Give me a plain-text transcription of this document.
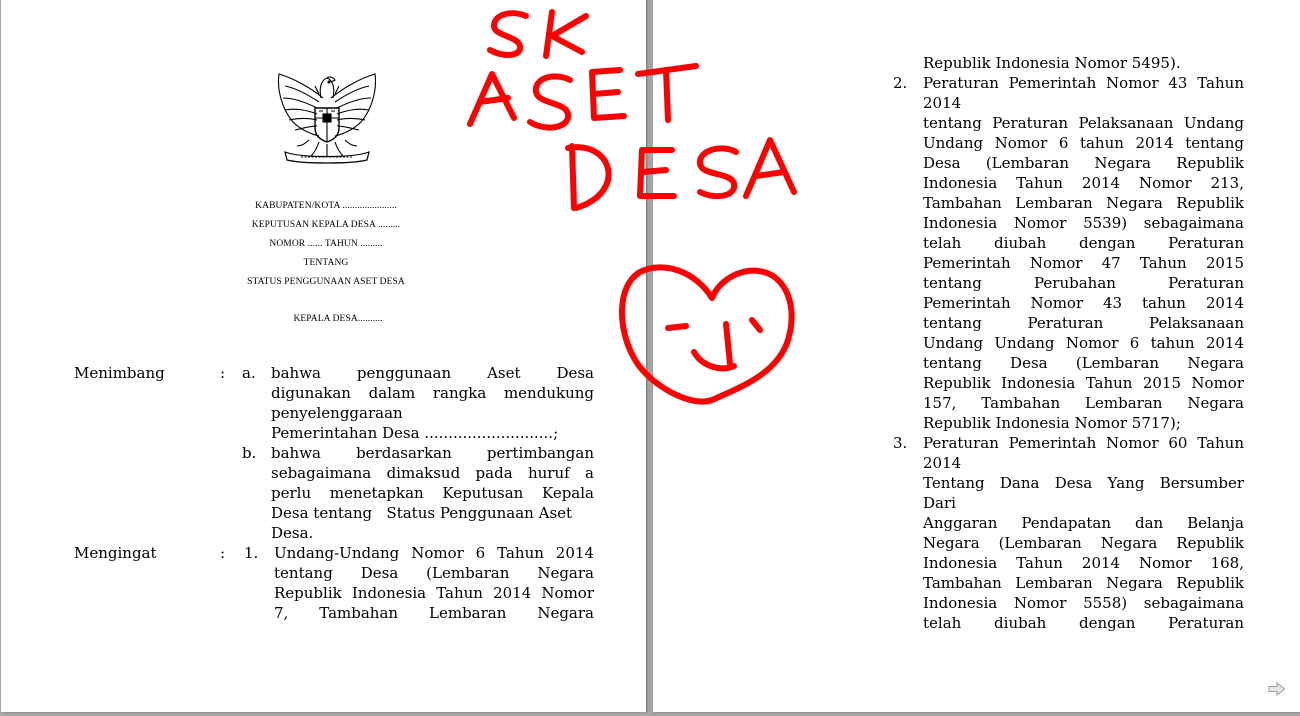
KABUPATEN/KOTA ......................
KEPUTUSAN KEPALA DESA .........
NOMOR ...... TAHUN .........
TENTANG
STATUS PENGGUNAAN ASET DESA
KEPALA DESA..........
Menimbang	: a. bahwa penggunaan Aset Desa
digunakan dalam rangka mendukung
penyelenggaraan
Pemerintahan Desa ...........................;
b. bahwa berdasarkan pertimbangan
sebagaimana dimaksud pada huruf a
perlu menetapkan Keputusan Kepala
Desa tentang   Status Penggunaan Aset
Desa.
Mengingat	: 1. Undang-Undang Nomor 6 Tahun 2014
tentang Desa (Lembaran Negara
Republik Indonesia Tahun 2014 Nomor
7, Tambahan Lembaran Negara
Republik Indonesia Nomor 5495).
2. Peraturan Pemerintah Nomor 43 Tahun
2014
tentang Peraturan Pelaksanaan Undang
Undang Nomor 6 tahun 2014 tentang
Desa (Lembaran Negara Republik
Indonesia Tahun 2014 Nomor 213,
Tambahan Lembaran Negara Republik
Indonesia Nomor 5539) sebagaimana
telah diubah dengan Peraturan
Pemerintah Nomor 47 Tahun 2015
tentang Perubahan Peraturan
Pemerintah Nomor 43 tahun 2014
tentang Peraturan Pelaksanaan
Undang Undang Nomor 6 tahun 2014
tentang Desa (Lembaran Negara
Republik Indonesia Tahun 2015 Nomor
157, Tambahan Lembaran Negara
Republik Indonesia Nomor 5717);
3. Peraturan Pemerintah Nomor 60 Tahun
2014
Tentang Dana Desa Yang Bersumber
Dari
Anggaran Pendapatan dan Belanja
Negara (Lembaran Negara Republik
Indonesia Tahun 2014 Nomor 168,
Tambahan Lembaran Negara Republik
Indonesia Nomor 5558) sebagaimana
telah diubah dengan Peraturan
